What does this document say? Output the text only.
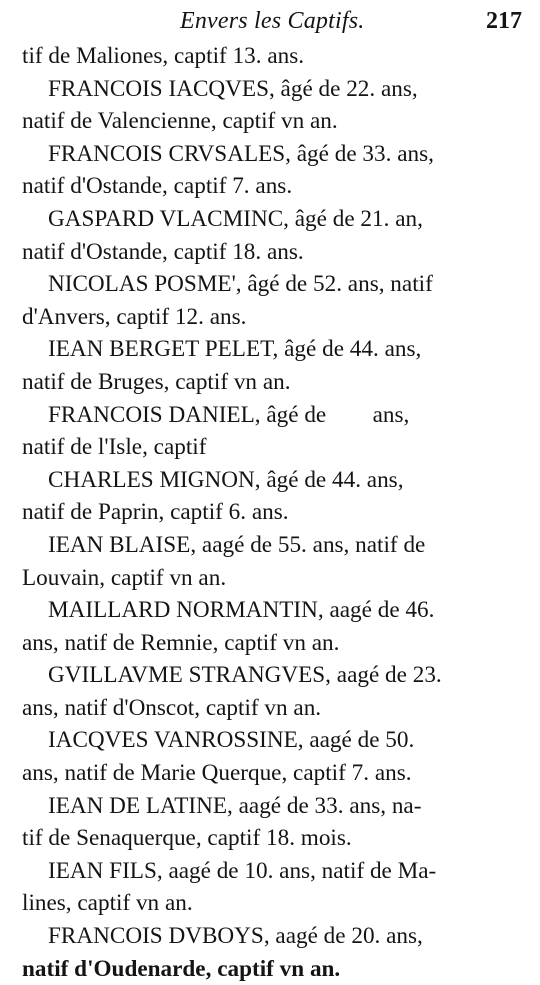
Envers les Captifs.	217
tif de Maliones, captif 13. ans.
FRANCOIS IACQVES, âgé de 22. ans,
natif de Valencienne, captif vn an.
FRANCOIS CRVSALES, âgé de 33. ans,
natif d'Ostande, captif 7. ans.
GASPARD VLACMINC, âgé de 21. an,
natif d'Ostande, captif 18. ans.
NICOLAS POSME', âgé de 52. ans, natif
d'Anvers, captif 12. ans.
IEAN BERGET PELET, âgé de 44. ans,
natif de Bruges, captif vn an.
FRANCOIS DANIEL, âgé de        ans,
natif de l'Isle, captif
CHARLES MIGNON, âgé de 44. ans,
natif de Paprin, captif 6. ans.
IEAN BLAISE, aagé de 55. ans, natif de
Louvain, captif vn an.
MAILLARD NORMANTIN, aagé de 46.
ans, natif de Remnie, captif vn an.
GVILLAVME STRANGVES, aagé de 23.
ans, natif d'Onscot, captif vn an.
IACQVES VANROSSINE, aagé de 50.
ans, natif de Marie Querque, captif 7. ans.
IEAN DE LATINE, aagé de 33. ans, na-
tif de Senaquerque, captif 18. mois.
IEAN FILS, aagé de 10. ans, natif de Ma-
lines, captif vn an.
FRANCOIS DVBOYS, aagé de 20. ans,
natif d'Oudenarde, captif vn an.
